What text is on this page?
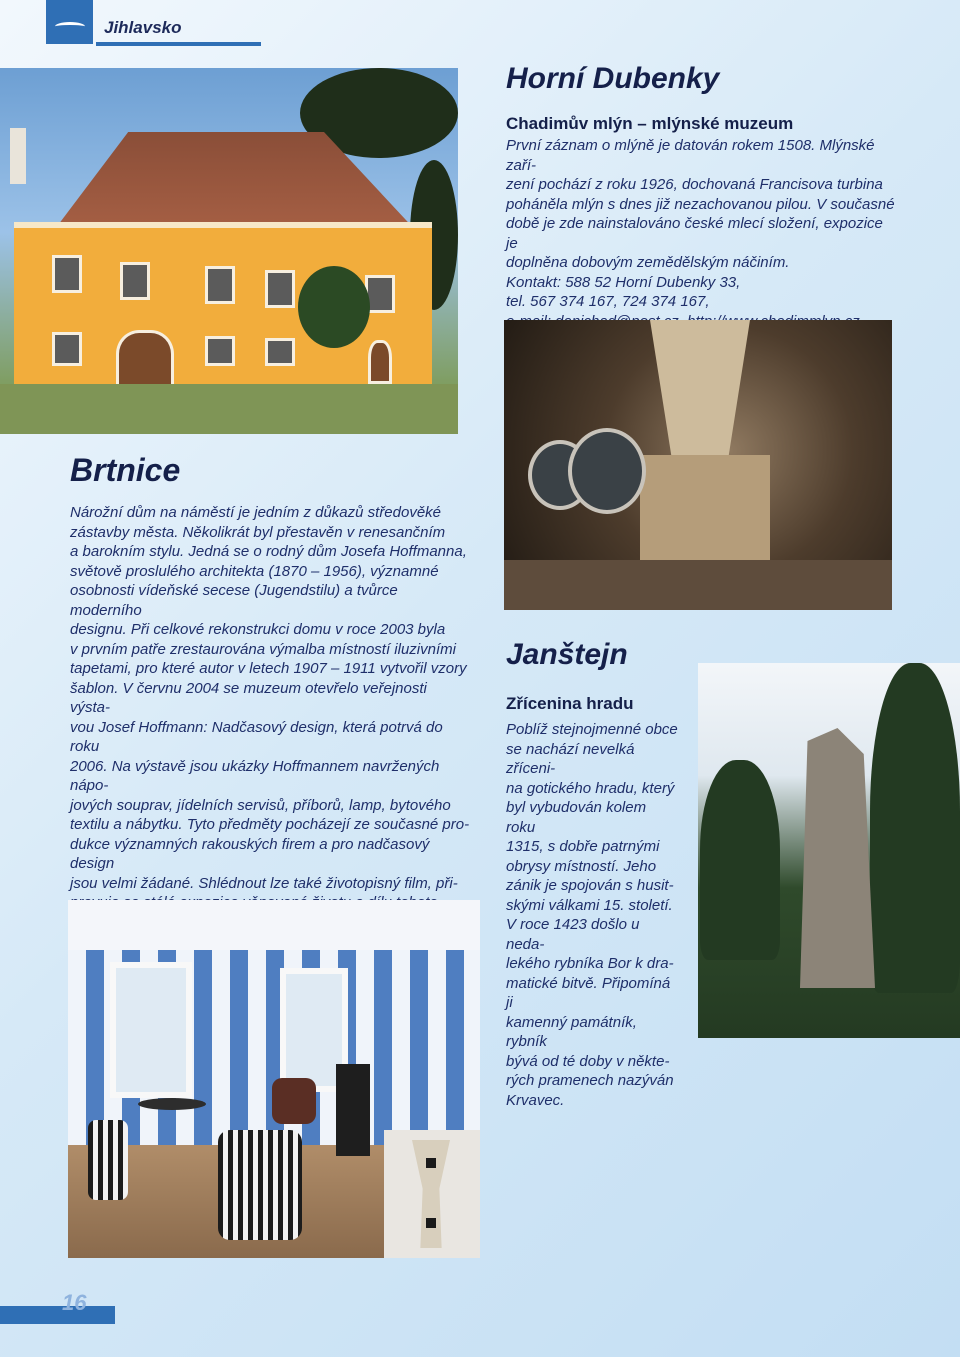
Jihlavsko
Horní Dubenky
Chadimův mlýn – mlýnské muzeum
První záznam o mlýně je datován rokem 1508. Mlýnské zaří-
zení pochází z roku 1926, dochovaná Francisova turbina
poháněla mlýn s dnes již nezachovanou pilou. V současné
době je zde nainstalováno české mlecí složení, expozice je
doplněna dobovým zemědělským náčiním.
Kontakt: 588 52 Horní Dubenky 33,
tel. 567 374 167, 724 374 167,
Brtnice
Nárožní dům na náměstí je jedním z důkazů středověké
zástavby města. Několikrát byl přestavěn v renesančním
a barokním stylu. Jedná se o rodný dům Josefa Hoffmanna,
světově proslulého architekta (1870 – 1956), významné
osobnosti vídeňské secese (Jugendstilu) a tvůrce moderního
designu. Při celkové rekonstrukci domu v roce 2003 byla
v prvním patře zrestaurována výmalba místností iluzivními
tapetami, pro které autor v letech 1907 – 1911 vytvořil vzory
šablon. V červnu 2004 se muzeum otevřelo veřejnosti výsta-
vou Josef Hoffmann: Nadčasový design, která potrvá do roku
2006. Na výstavě jsou ukázky Hoffmannem navržených nápo-
jových souprav, jídelních servisů, příborů, lamp, bytového
textilu a nábytku. Tyto předměty pocházejí ze současné pro-
dukce významných rakouských firem a pro nadčasový design
jsou velmi žádané. Shlédnout lze také životopisný film, při-
Janštejn
Zřícenina hradu
Poblíž stejnojmenné obce
se nachází nevelká zříceni-
na gotického hradu, který
byl vybudován kolem roku
1315, s dobře patrnými
obrysy místností. Jeho
zánik je spojován s husit-
skými válkami 15. století.
V roce 1423 došlo u neda-
lekého rybníka Bor k dra-
matické bitvě. Připomíná ji
kamenný památník, rybník
bývá od té doby v někte-
rých pramenech nazýván
Krvavec.
16
